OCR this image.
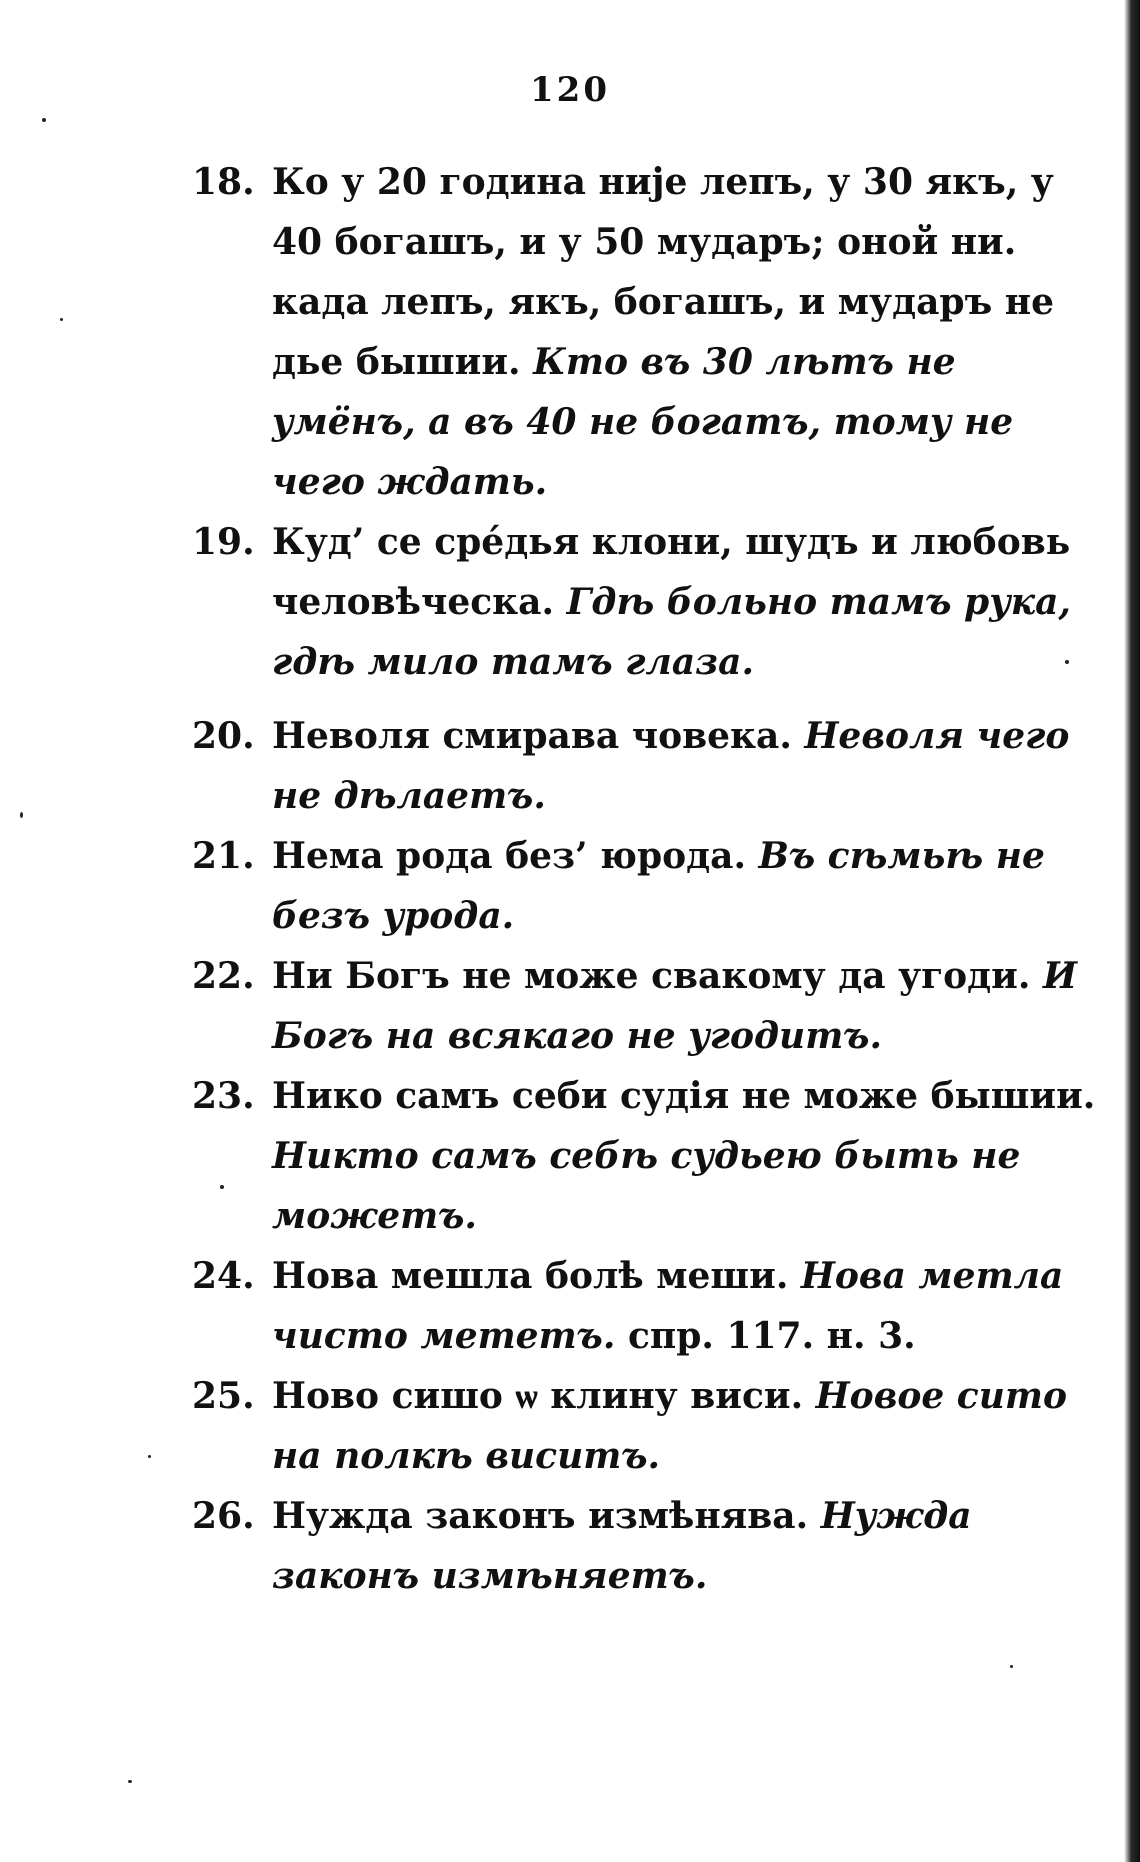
120
18. Ко у 20 година није лепъ, у 30 якъ, у 40 богашъ, и у 50 мударъ; оной ни. када лепъ, якъ, богашъ, и мударъ не дье бышии. Кто въ 30 лѣтъ не умёнъ, а въ 40 не богатъ, тому не чего ждать.
19. Куд’ се срéдья клони, шудъ и любовь человѣческа. Гдѣ больно тамъ рука, гдѣ мило тамъ глаза.
20. Неволя смирава човека. Неволя чего не дѣлаетъ.
21. Нема рода без’ юрода. Въ сѣмьѣ не безъ урода.
22. Ни Богъ не може свакому да угоди. И Богъ на всякаго не угодитъ.
23. Нико самъ себи судія не може бышии. Никто самъ себѣ судьею быть не можетъ.
24. Нова мешла болѣ меши. Нова метла чисто мететъ. спр. 117. н. 3.
25. Ново сишо ѡ клину виси. Новое сито на полкѣ виситъ.
26. Нужда законъ измѣнява. Нужда законъ измѣняетъ.
